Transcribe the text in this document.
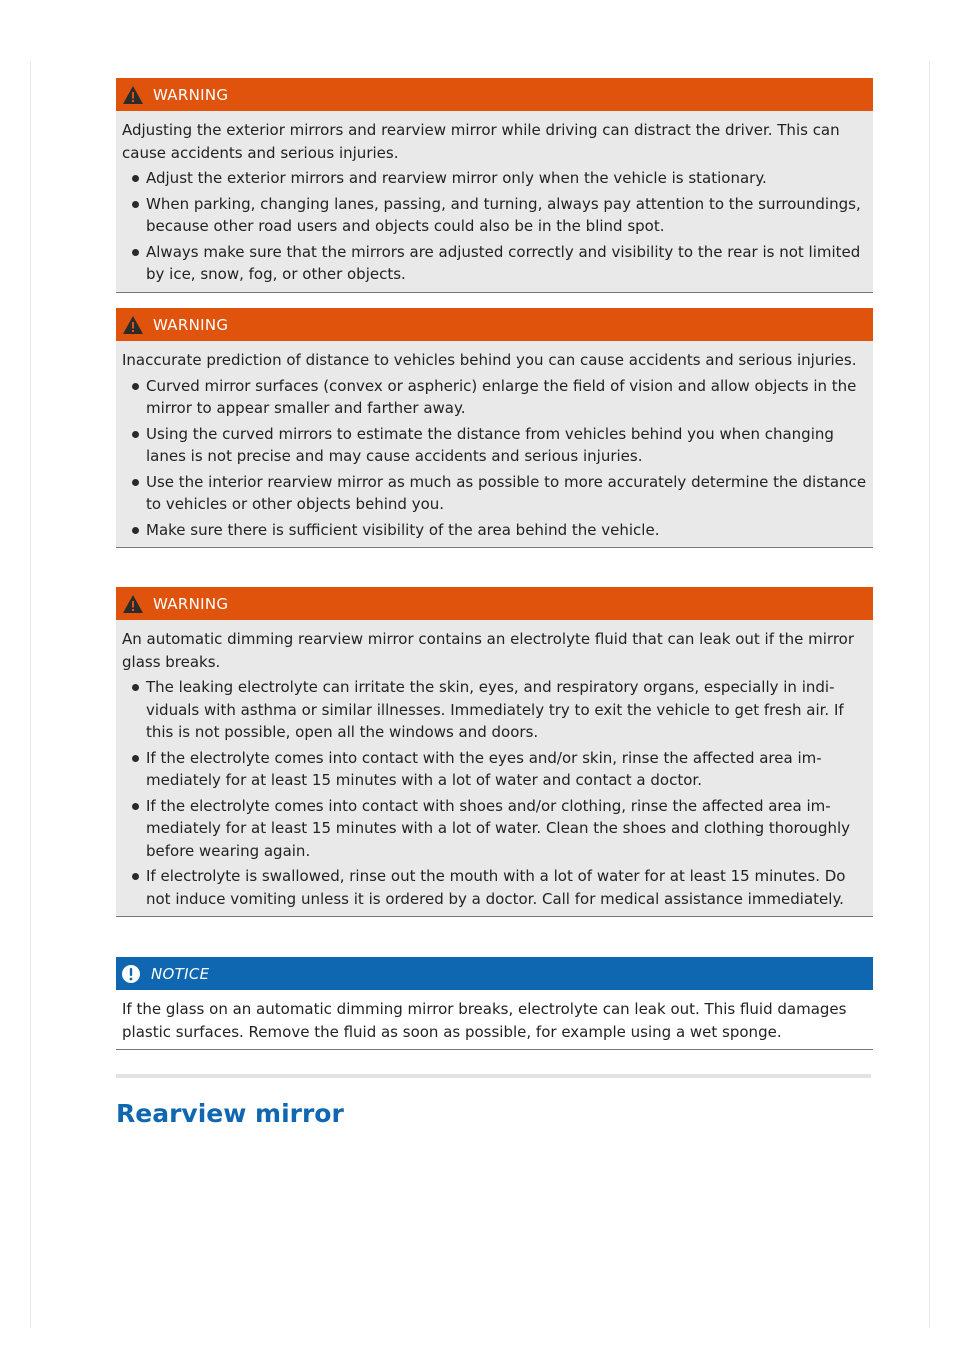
WARNING

Adjusting the exterior mirrors and rearview mirror while driving can distract the driver. This can cause accidents and serious injuries.

Adjust the exterior mirrors and rearview mirror only when the vehicle is stationary.
When parking, changing lanes, passing, and turning, always pay attention to the surroundings, because other road users and objects could also be in the blind spot.
Always make sure that the mirrors are adjusted correctly and visibility to the rear is not limited by ice, snow, fog, or other objects.
WARNING

Inaccurate prediction of distance to vehicles behind you can cause accidents and serious injuries.

Curved mirror surfaces (convex or aspheric) enlarge the field of vision and allow objects in the mirror to appear smaller and farther away.
Using the curved mirrors to estimate the distance from vehicles behind you when changing lanes is not precise and may cause accidents and serious injuries.
Use the interior rearview mirror as much as possible to more accurately determine the distance to vehicles or other objects behind you.
Make sure there is sufficient visibility of the area behind the vehicle.
WARNING

An automatic dimming rearview mirror contains an electrolyte fluid that can leak out if the mirror glass breaks.

The leaking electrolyte can irritate the skin, eyes, and respiratory organs, especially in individuals with asthma or similar illnesses. Immediately try to exit the vehicle to get fresh air. If this is not possible, open all the windows and doors.
If the electrolyte comes into contact with the eyes and/or skin, rinse the affected area immediately for at least 15 minutes with a lot of water and contact a doctor.
If the electrolyte comes into contact with shoes and/or clothing, rinse the affected area immediately for at least 15 minutes with a lot of water. Clean the shoes and clothing thoroughly before wearing again.
If electrolyte is swallowed, rinse out the mouth with a lot of water for at least 15 minutes. Do not induce vomiting unless it is ordered by a doctor. Call for medical assistance immediately.
NOTICE

If the glass on an automatic dimming mirror breaks, electrolyte can leak out. This fluid damages plastic surfaces. Remove the fluid as soon as possible, for example using a wet sponge.

Rearview mirror
